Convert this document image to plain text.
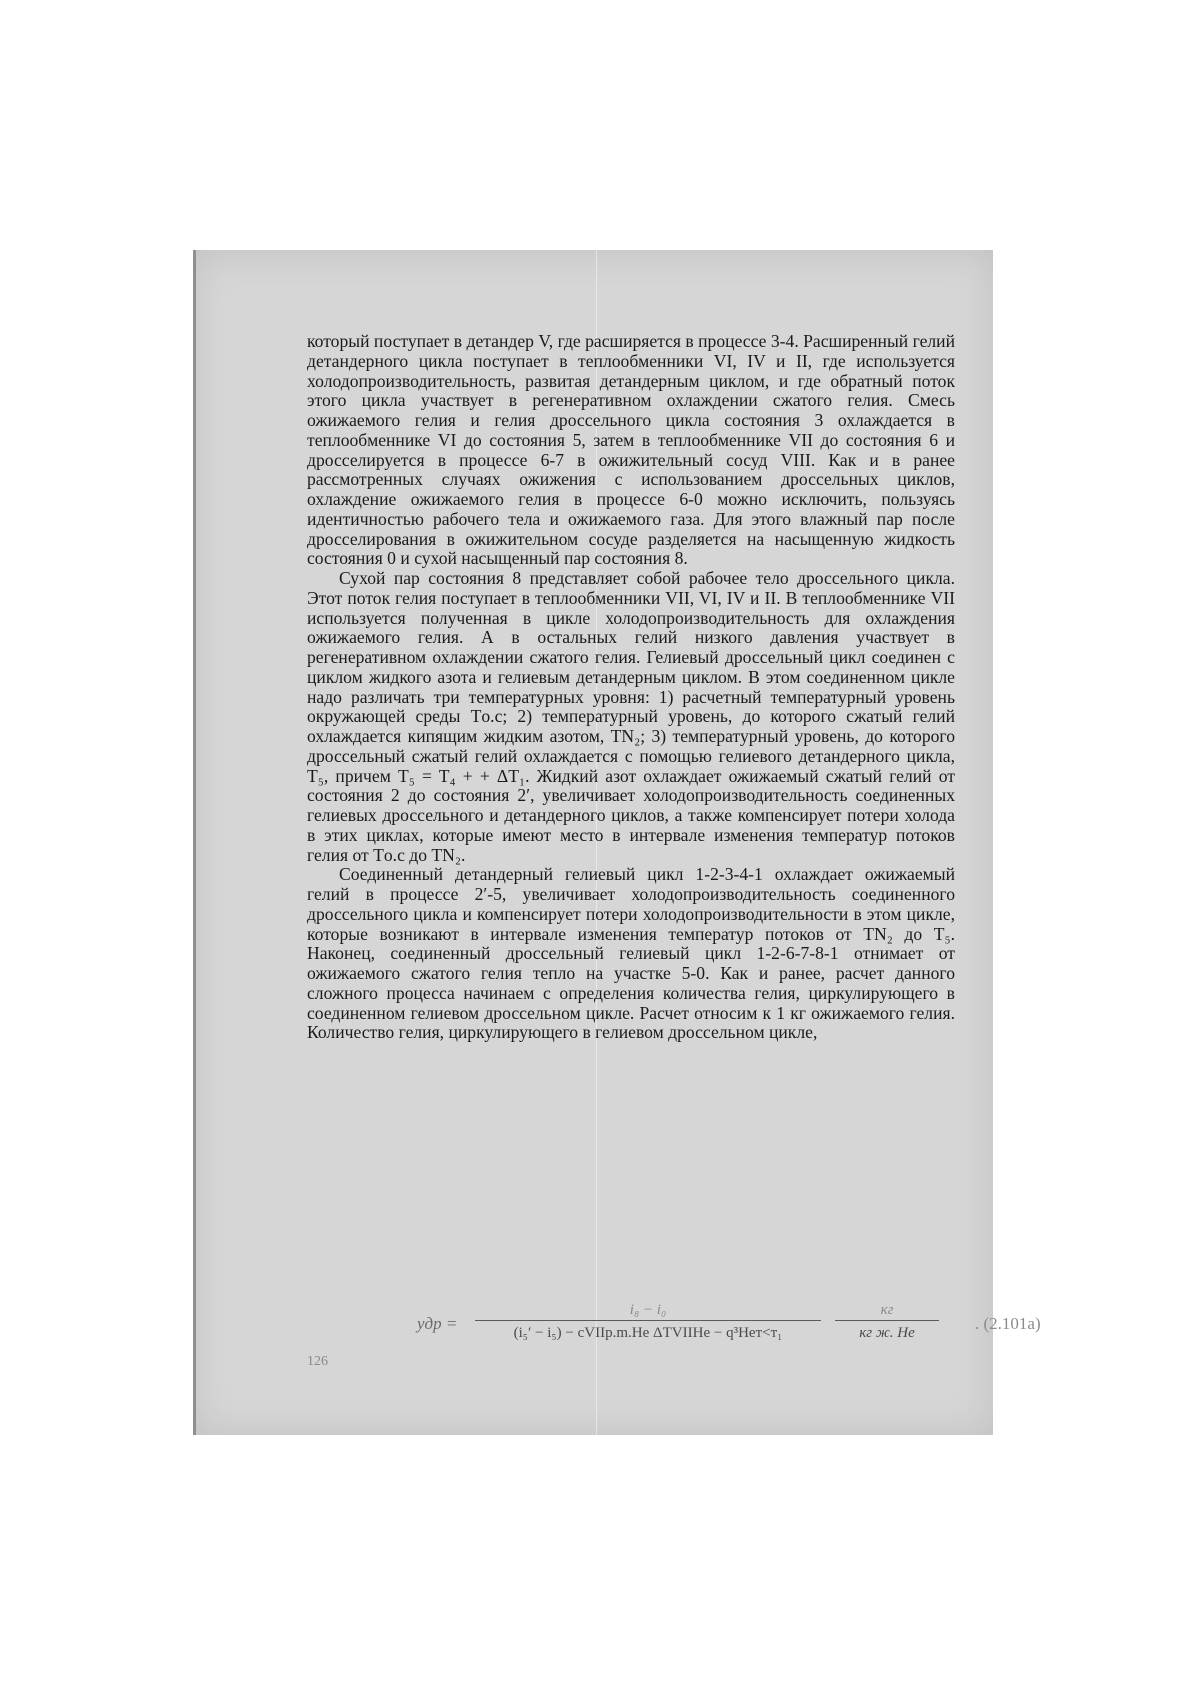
который поступает в детандер V, где расширяется в процессе 3-4. Расширенный гелий детандерного цикла поступает в теплообменники VI, IV и II, где используется холодопроизводительность, развитая детандерным циклом, и где обратный поток этого цикла участвует в регенеративном охлаждении сжатого гелия. Смесь ожижаемого гелия и гелия дроссельного цикла состояния 3 охлаждается в теплообменнике VI до состояния 5, затем в теплообменнике VII до состояния 6 и дросселируется в процессе 6-7 в ожижительный сосуд VIII. Как и в ранее рассмотренных случаях ожижения с использованием дроссельных циклов, охлаждение ожижаемого гелия в процессе 6-0 можно исключить, пользуясь идентичностью рабочего тела и ожижаемого газа. Для этого влажный пар после дросселирования в ожижительном сосуде разделяется на насыщенную жидкость состояния 0 и сухой насыщенный пар состояния 8.

Сухой пар состояния 8 представляет собой рабочее тело дроссельного цикла. Этот поток гелия поступает в теплообменники VII, VI, IV и II. В теплообменнике VII используется полученная в цикле холодопроизводительность для охлаждения ожижаемого гелия. А в остальных гелий низкого давления участвует в регенеративном охлаждении сжатого гелия. Гелиевый дроссельный цикл соединен с циклом жидкого азота и гелиевым детандерным циклом. В этом соединенном цикле надо различать три температурных уровня: 1) расчетный температурный уровень окружающей среды Tо.с; 2) температурный уровень, до которого сжатый гелий охлаждается кипящим жидким азотом, TN₂; 3) температурный уровень, до которого дроссельный сжатый гелий охлаждается с помощью гелиевого детандерного цикла, T₅, причем T₅ = T₄ + + ΔT₁. Жидкий азот охлаждает ожижаемый сжатый гелий от состояния 2 до состояния 2′, увеличивает холодопроизводительность соединенных гелиевых дроссельного и детандерного циклов, а также компенсирует потери холода в этих циклах, которые имеют место в интервале изменения температур потоков гелия от Tо.с до TN₂.

Соединенный детандерный гелиевый цикл 1-2-3-4-1 охлаждает ожижаемый гелий в процессе 2′-5, увеличивает холодопроизводительность соединенного дроссельного цикла и компенсирует потери холодопроизводительности в этом цикле, которые возникают в интервале изменения температур потоков от TN₂ до T₅. Наконец, соединенный дроссельный гелиевый цикл 1-2-6-7-8-1 отнимает от ожижаемого сжатого гелия тепло на участке 5-0. Как и ранее, расчет данного сложного процесса начинаем с определения количества гелия, циркулирующего в соединенном гелиевом дроссельном цикле. Расчет относим к 1 кг ожижаемого гелия. Количество гелия, циркулирующего в гелиевом дроссельном цикле,

yдр =
i₈ − i₀
(i₅′ − i₅) − cVIIp.m.He ΔTVIIHe − q³Heт<т₁
кг
кг ж. Не	. (2.101a)
126
